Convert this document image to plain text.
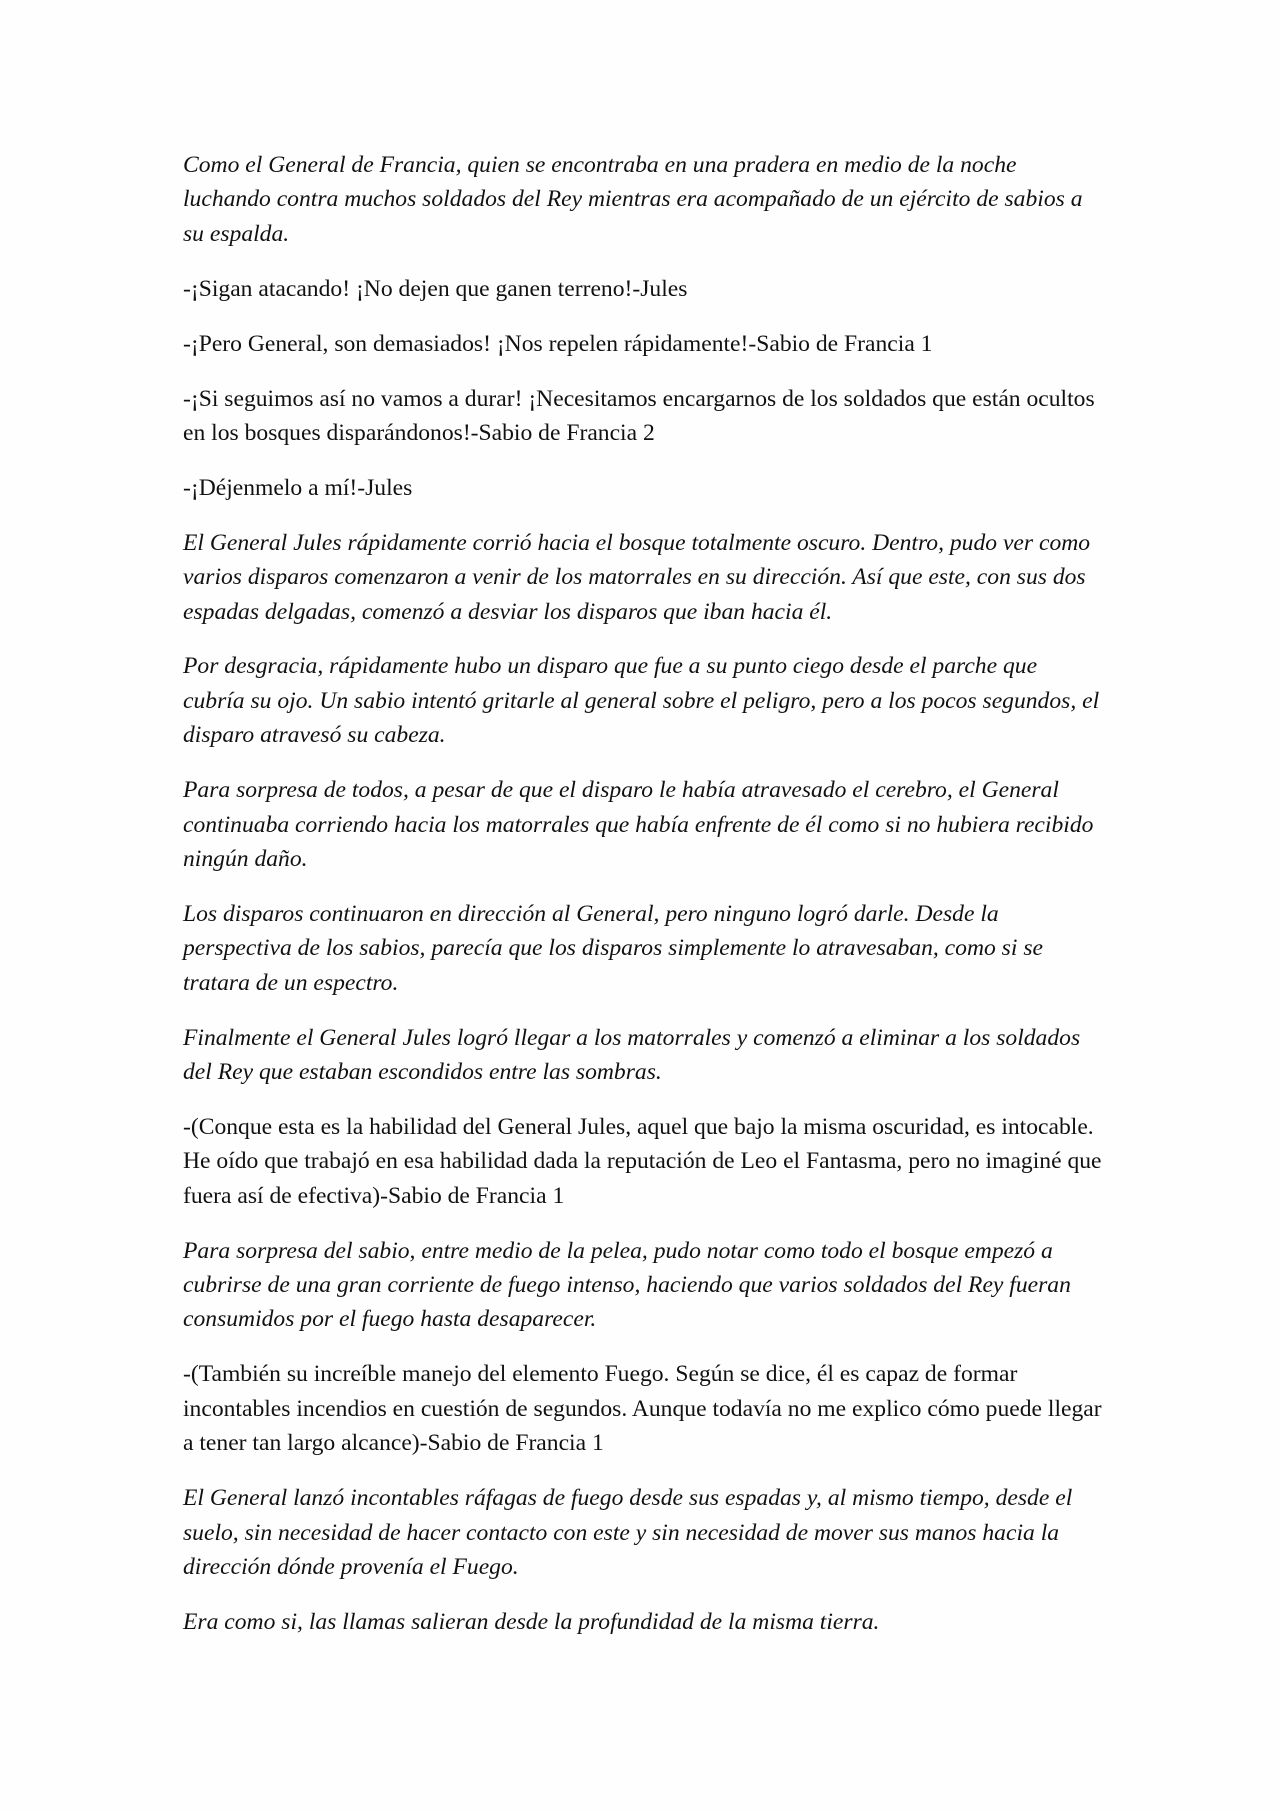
Como el General de Francia, quien se encontraba en una pradera en medio de la noche luchando contra muchos soldados del Rey mientras era acompañado de un ejército de sabios a su espalda.

-¡Sigan atacando! ¡No dejen que ganen terreno!-Jules

-¡Pero General, son demasiados! ¡Nos repelen rápidamente!-Sabio de Francia 1

-¡Si seguimos así no vamos a durar! ¡Necesitamos encargarnos de los soldados que están ocultos en los bosques disparándonos!-Sabio de Francia 2

-¡Déjenmelo a mí!-Jules

El General Jules rápidamente corrió hacia el bosque totalmente oscuro. Dentro, pudo ver como varios disparos comenzaron a venir de los matorrales en su dirección. Así que este, con sus dos espadas delgadas, comenzó a desviar los disparos que iban hacia él.

Por desgracia, rápidamente hubo un disparo que fue a su punto ciego desde el parche que cubría su ojo. Un sabio intentó gritarle al general sobre el peligro, pero a los pocos segundos, el disparo atravesó su cabeza.

Para sorpresa de todos, a pesar de que el disparo le había atravesado el cerebro, el General continuaba corriendo hacia los matorrales que había enfrente de él como si no hubiera recibido ningún daño.

Los disparos continuaron en dirección al General, pero ninguno logró darle. Desde la perspectiva de los sabios, parecía que los disparos simplemente lo atravesaban, como si se tratara de un espectro.

Finalmente el General Jules logró llegar a los matorrales y comenzó a eliminar a los soldados del Rey que estaban escondidos entre las sombras.

-(Conque esta es la habilidad del General Jules, aquel que bajo la misma oscuridad, es intocable. He oído que trabajó en esa habilidad dada la reputación de Leo el Fantasma, pero no imaginé que fuera así de efectiva)-Sabio de Francia 1

Para sorpresa del sabio, entre medio de la pelea, pudo notar como todo el bosque empezó a cubrirse de una gran corriente de fuego intenso, haciendo que varios soldados del Rey fueran consumidos por el fuego hasta desaparecer.

-(También su increíble manejo del elemento Fuego. Según se dice, él es capaz de formar incontables incendios en cuestión de segundos. Aunque todavía no me explico cómo puede llegar a tener tan largo alcance)-Sabio de Francia 1

El General lanzó incontables ráfagas de fuego desde sus espadas y, al mismo tiempo, desde el suelo, sin necesidad de hacer contacto con este y sin necesidad de mover sus manos hacia la dirección dónde provenía el Fuego.

Era como si, las llamas salieran desde la profundidad de la misma tierra.
